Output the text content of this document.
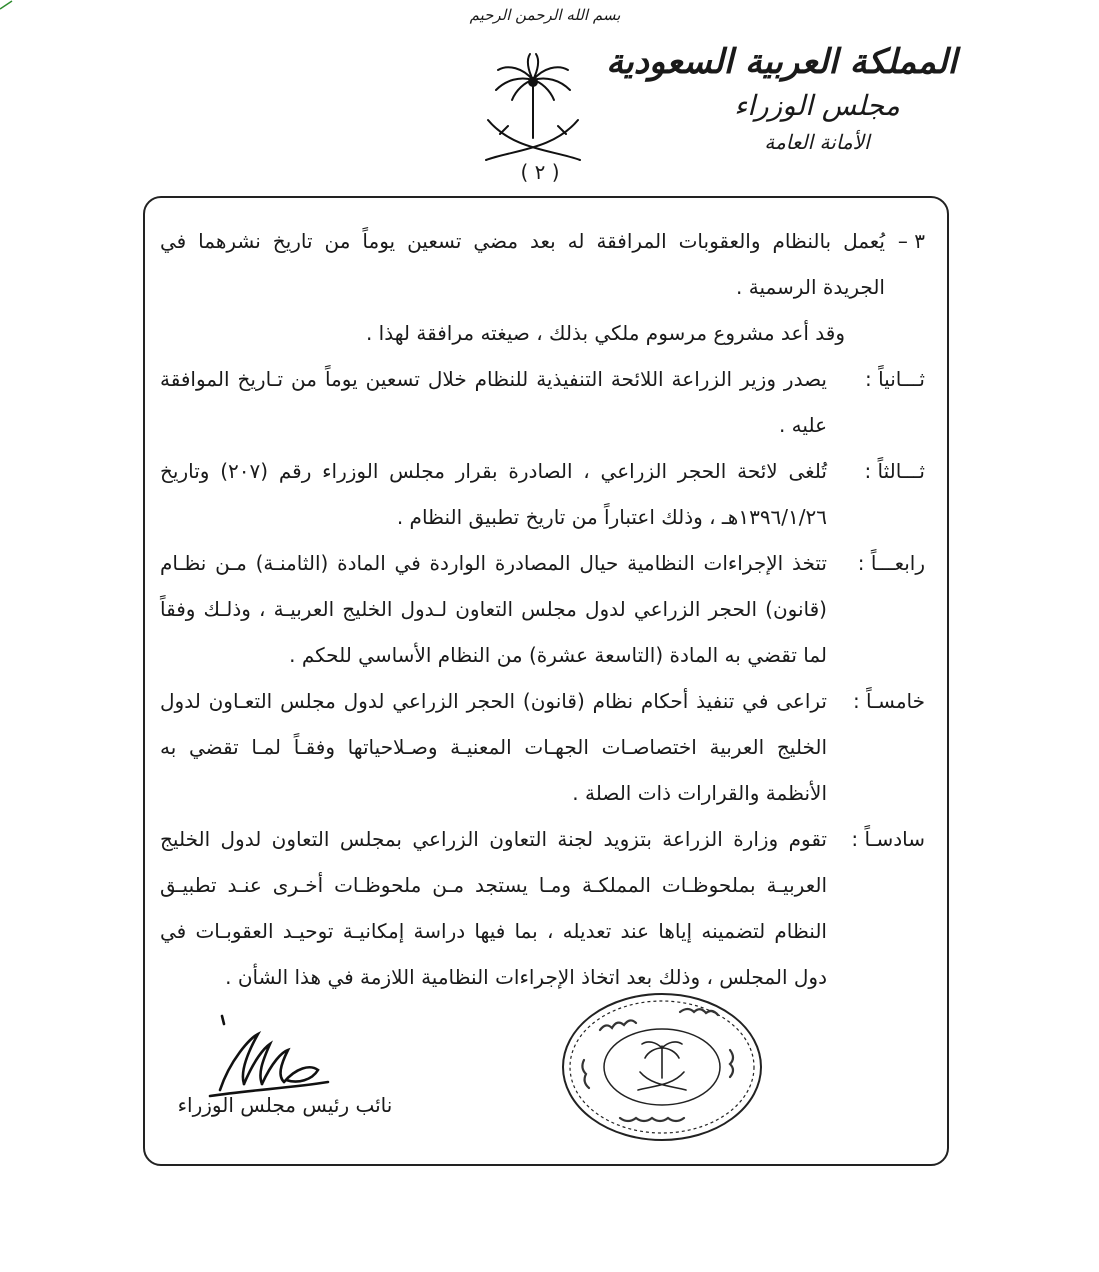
بسم الله الرحمن الرحيم
( ٢ )
المملكة العربية السعودية
مجلس الوزراء
الأمانة العامة
٣ –
يُعمل بالنظام والعقوبات المرافقة له بعد مضي تسعين يوماً من تاريخ نشرهما في الجريدة الرسمية .
وقد أعد مشروع مرسوم ملكي بذلك ، صيغته مرافقة لهذا .
ثـــانياً :
يصدر وزير الزراعة اللائحة التنفيذية للنظام خلال تسعين يوماً من تـاريخ الموافقة عليه .
ثـــالثاً :
تُلغى لائحة الحجر الزراعي ، الصادرة بقرار مجلس الوزراء رقم (٢٠٧) وتاريخ ١٣٩٦/١/٢٦هـ ، وذلك اعتباراً من تاريخ تطبيق النظام .
رابعـــاً :
تتخذ الإجراءات النظامية حيال المصادرة الواردة في المادة (الثامنـة) مـن نظـام (قانون) الحجر الزراعي لدول مجلس التعاون لـدول الخليج العربيـة ، وذلـك وفقاً لما تقضي به المادة (التاسعة عشرة) من النظام الأساسي للحكم .
خامسـاً :
تراعى في تنفيذ أحكام نظام (قانون) الحجر الزراعي لدول مجلس التعـاون لدول الخليج العربية اختصاصـات الجهـات المعنيـة وصـلاحياتها وفقـاً لمـا تقضي به الأنظمة والقرارات ذات الصلة .
سادسـاً :
تقوم وزارة الزراعة بتزويد لجنة التعاون الزراعي بمجلس التعاون لدول الخليج العربيـة بملحوظـات المملكـة ومـا يستجد مـن ملحوظـات أخـرى عنـد تطبيـق النظام لتضمينه إياها عند تعديله ، بما فيها دراسة إمكانيـة توحيـد العقوبـات في دول المجلس ، وذلك بعد اتخاذ الإجراءات النظامية اللازمة في هذا الشأن .
نائب رئيس مجلس الوزراء
